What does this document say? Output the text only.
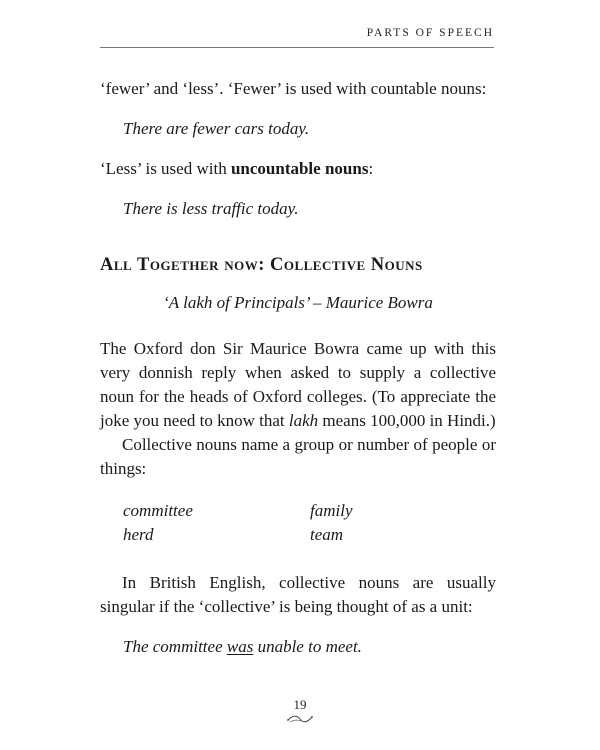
PARTS OF SPEECH

‘fewer’ and ‘less’. ‘Fewer’ is used with countable nouns:

There are fewer cars today.

‘Less’ is used with uncountable nouns:

There is less traffic today.

All Together now: Collective Nouns
‘A lakh of Principals’ – Maurice Bowra

The Oxford don Sir Maurice Bowra came up with this very donnish reply when asked to supply a collective noun for the heads of Oxford colleges. (To appreciate the joke you need to know that lakh means 100,000 in Hindi.)

Collective nouns name a group or number of people or things:

committee	family
herd	team

In British English, collective nouns are usually singular if the ‘collective’ is being thought of as a unit:

The committee was unable to meet.

19
